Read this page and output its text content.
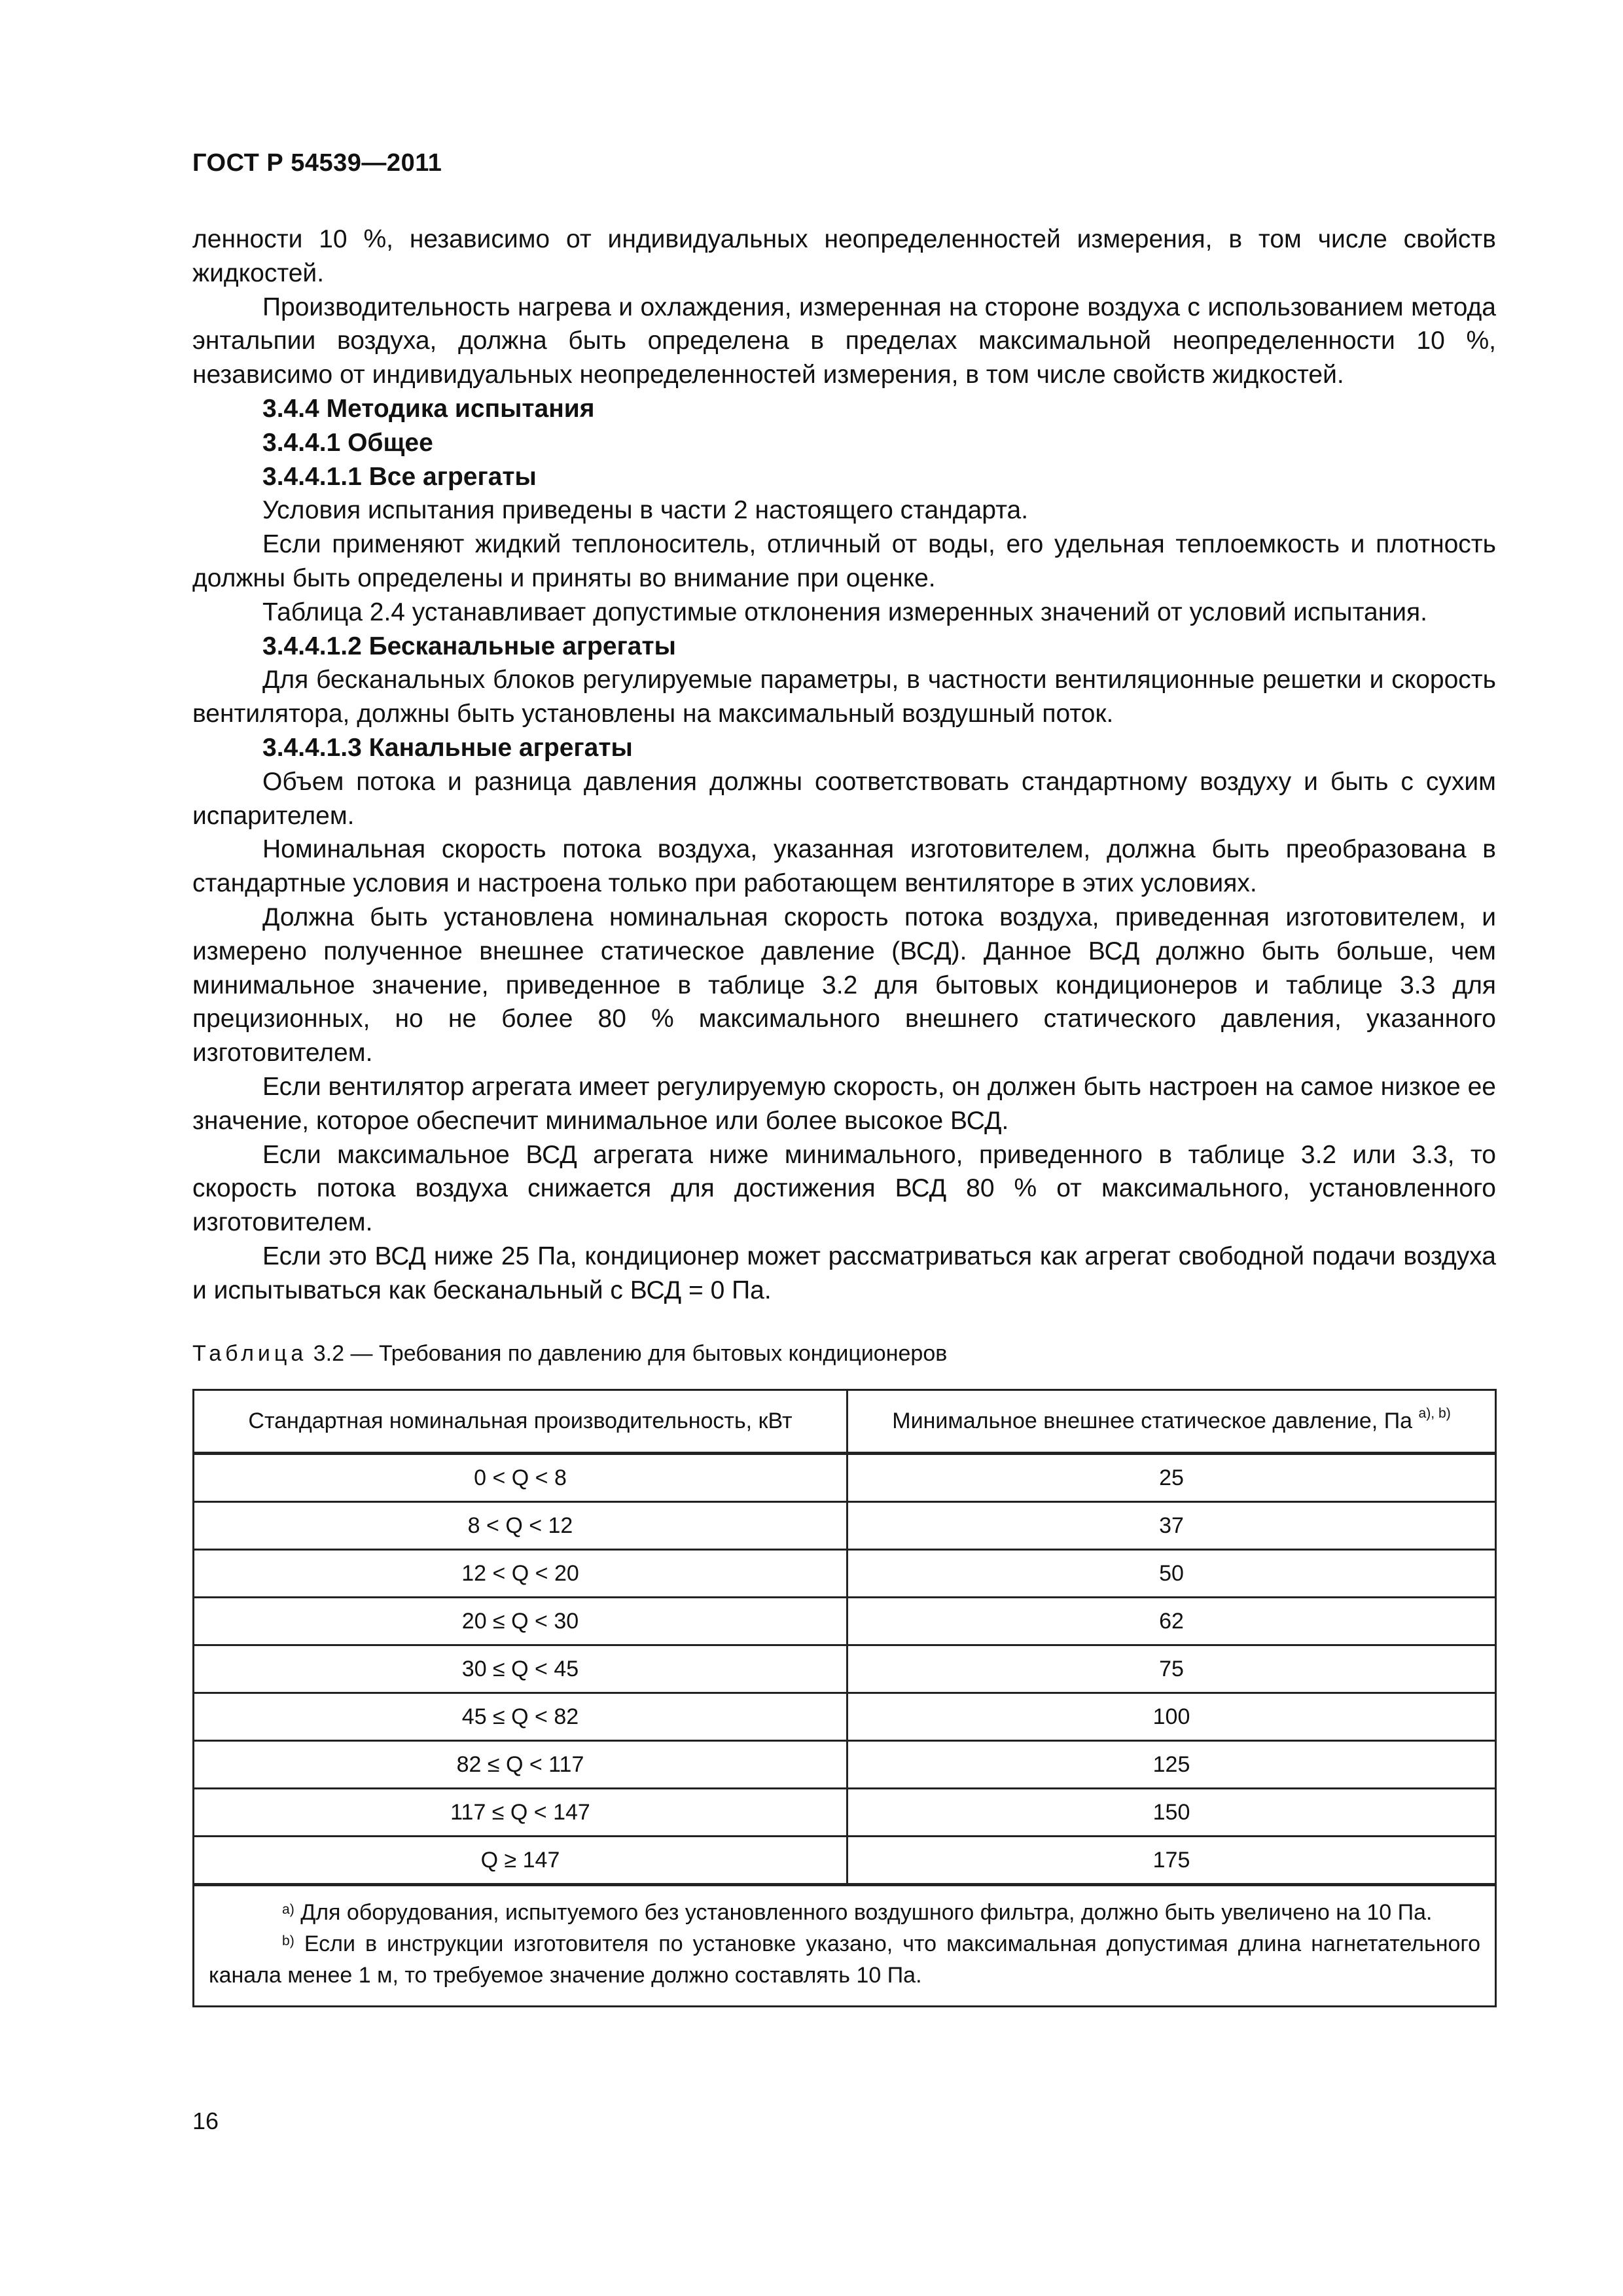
ГОСТ Р 54539—2011

ленности 10 %, независимо от индивидуальных неопределенностей измерения, в том числе свойств жидкостей.

Производительность нагрева и охлаждения, измеренная на стороне воздуха с использованием метода энтальпии воздуха, должна быть определена в пределах максимальной неопределенности 10 %, независимо от индивидуальных неопределенностей измерения, в том числе свойств жидкостей.

3.4.4 Методика испытания
3.4.4.1 Общее
3.4.4.1.1 Все агрегаты

Условия испытания приведены в части 2 настоящего стандарта.

Если применяют жидкий теплоноситель, отличный от воды, его удельная теплоемкость и плотность должны быть определены и приняты во внимание при оценке.

Таблица 2.4 устанавливает допустимые отклонения измеренных значений от условий испытания.

3.4.4.1.2 Бесканальные агрегаты

Для бесканальных блоков регулируемые параметры, в частности вентиляционные решетки и скорость вентилятора, должны быть установлены на максимальный воздушный поток.

3.4.4.1.3 Канальные агрегаты

Объем потока и разница давления должны соответствовать стандартному воздуху и быть с сухим испарителем.

Номинальная скорость потока воздуха, указанная изготовителем, должна быть преобразована в стандартные условия и настроена только при работающем вентиляторе в этих условиях.

Должна быть установлена номинальная скорость потока воздуха, приведенная изготовителем, и измерено полученное внешнее статическое давление (ВСД). Данное ВСД должно быть больше, чем минимальное значение, приведенное в таблице 3.2 для бытовых кондиционеров и таблице 3.3 для прецизионных, но не более 80 % максимального внешнего статического давления, указанного изготовителем.

Если вентилятор агрегата имеет регулируемую скорость, он должен быть настроен на самое низкое ее значение, которое обеспечит минимальное или более высокое ВСД.

Если максимальное ВСД агрегата ниже минимального, приведенного в таблице 3.2 или 3.3, то скорость потока воздуха снижается для достижения ВСД 80 % от максимального, установленного изготовителем.

Если это ВСД ниже 25 Па, кондиционер может рассматриваться как агрегат свободной подачи воздуха и испытываться как бесканальный с ВСД = 0 Па.

Таблица 3.2 — Требования по давлению для бытовых кондиционеров
Стандартная номинальная производительность, кВт	Минимальное внешнее статическое давление, Па $^{a), b)}$
0 < Q < 8	25
8 < Q < 12	37
12 < Q < 20	50
20 ≤ Q < 30	62
30 ≤ Q < 45	75
45 ≤ Q < 82	100
82 ≤ Q < 117	125
117 ≤ Q < 147	150
Q ≥ 147	175

$^{a)}$ Для оборудования, испытуемого без установленного воздушного фильтра, должно быть увеличено на 10 Па.

$^{b)}$ Если в инструкции изготовителя по установке указано, что максимальная допустимая длина нагнетательного канала менее 1 м, то требуемое значение должно составлять 10 Па.	

16
